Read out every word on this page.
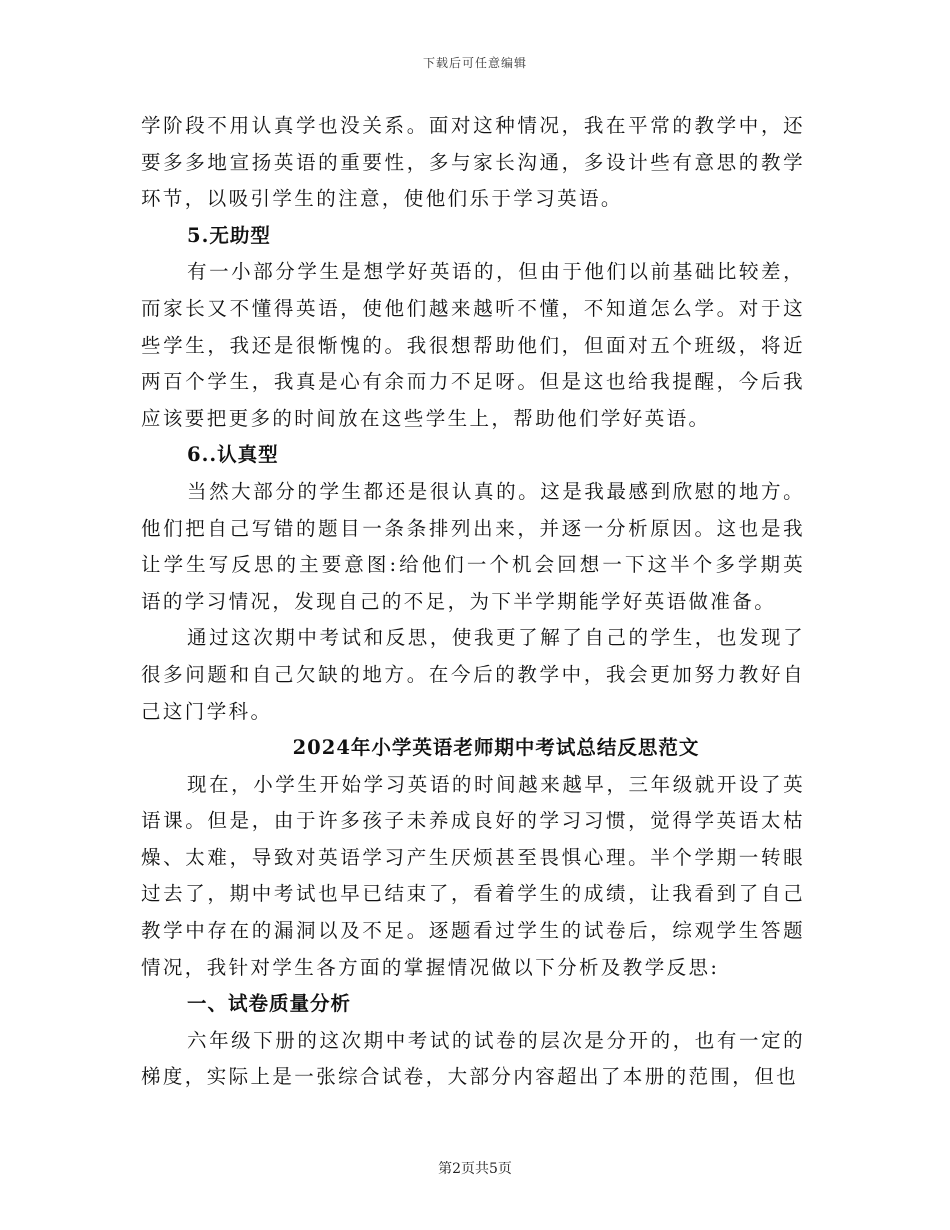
下载后可任意编辑

学阶段不用认真学也没关系。面对这种情况，我在平常的教学中，还要多多地宣扬英语的重要性，多与家长沟通，多设计些有意思的教学环节，以吸引学生的注意，使他们乐于学习英语。

5.无助型

有一小部分学生是想学好英语的，但由于他们以前基础比较差，而家长又不懂得英语，使他们越来越听不懂，不知道怎么学。对于这些学生，我还是很惭愧的。我很想帮助他们，但面对五个班级，将近两百个学生，我真是心有余而力不足呀。但是这也给我提醒，今后我应该要把更多的时间放在这些学生上，帮助他们学好英语。

6..认真型

当然大部分的学生都还是很认真的。这是我最感到欣慰的地方。他们把自己写错的题目一条条排列出来，并逐一分析原因。这也是我让学生写反思的主要意图:给他们一个机会回想一下这半个多学期英语的学习情况，发现自己的不足，为下半学期能学好英语做准备。

通过这次期中考试和反思，使我更了解了自己的学生，也发现了很多问题和自己欠缺的地方。在今后的教学中，我会更加努力教好自己这门学科。

2024年小学英语老师期中考试总结反思范文

现在，小学生开始学习英语的时间越来越早，三年级就开设了英语课。但是，由于许多孩子未养成良好的学习习惯，觉得学英语太枯燥、太难，导致对英语学习产生厌烦甚至畏惧心理。半个学期一转眼过去了，期中考试也早已结束了，看着学生的成绩，让我看到了自己教学中存在的漏洞以及不足。逐题看过学生的试卷后，综观学生答题情况，我针对学生各方面的掌握情况做以下分析及教学反思:

一、试卷质量分析

六年级下册的这次期中考试的试卷的层次是分开的，也有一定的梯度，实际上是一张综合试卷，大部分内容超出了本册的范围，但也

第2页共5页
